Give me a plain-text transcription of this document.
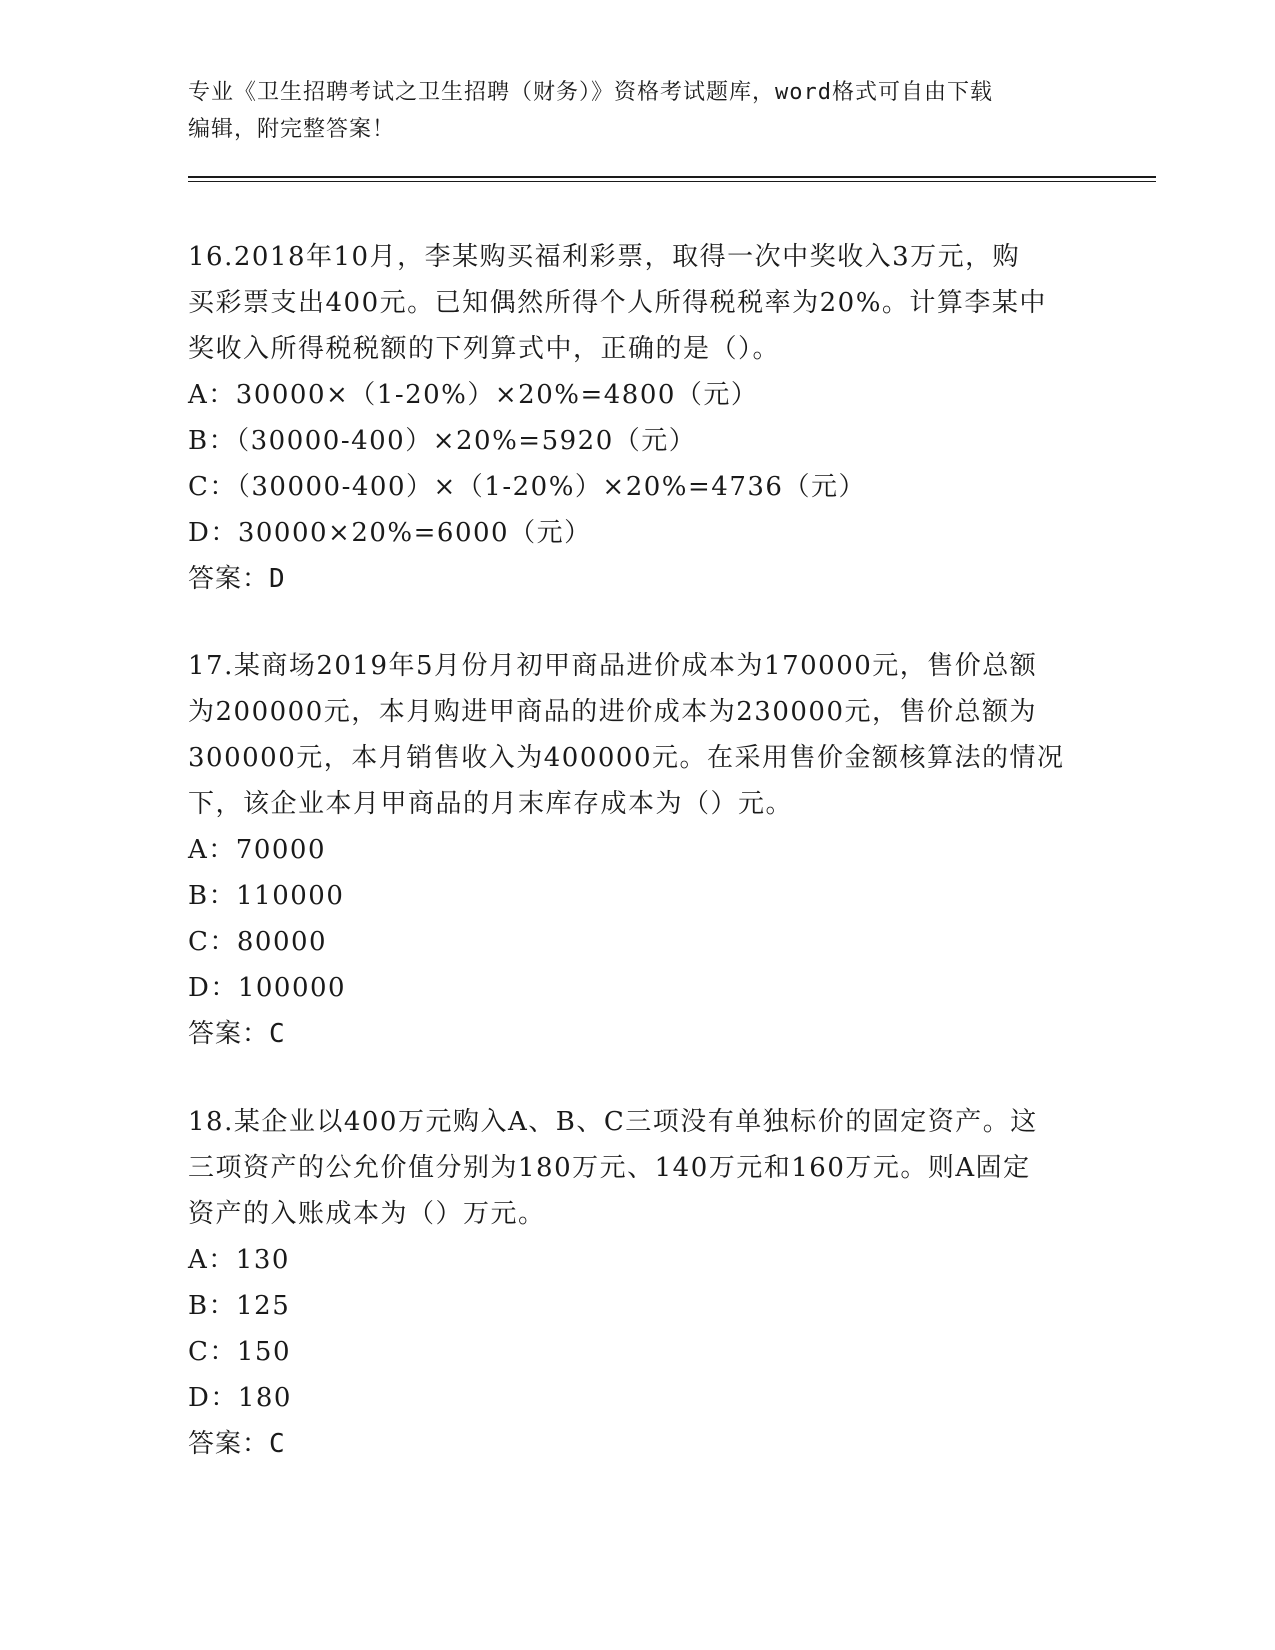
专业《卫生招聘考试之卫生招聘（财务）》资格考试题库，word格式可自由下载
编辑，附完整答案！

16.2018年10月，李某购买福利彩票，取得一次中奖收入3万元，购

买彩票支出400元。已知偶然所得个人所得税税率为20%。计算李某中

奖收入所得税税额的下列算式中，正确的是（）。

A：30000×（1-20%）×20%=4800（元）

B：（30000-400）×20%=5920（元）

C：（30000-400）×（1-20%）×20%=4736（元）

D：30000×20%=6000（元）

答案：D

17.某商场2019年5月份月初甲商品进价成本为170000元，售价总额

为200000元，本月购进甲商品的进价成本为230000元，售价总额为

300000元，本月销售收入为400000元。在采用售价金额核算法的情况

下，该企业本月甲商品的月末库存成本为（）元。

A：70000

B：110000

C：80000

D：100000

答案：C

18.某企业以400万元购入A、B、C三项没有单独标价的固定资产。这

三项资产的公允价值分别为180万元、140万元和160万元。则A固定

资产的入账成本为（）万元。

A：130

B：125

C：150

D：180

答案：C
